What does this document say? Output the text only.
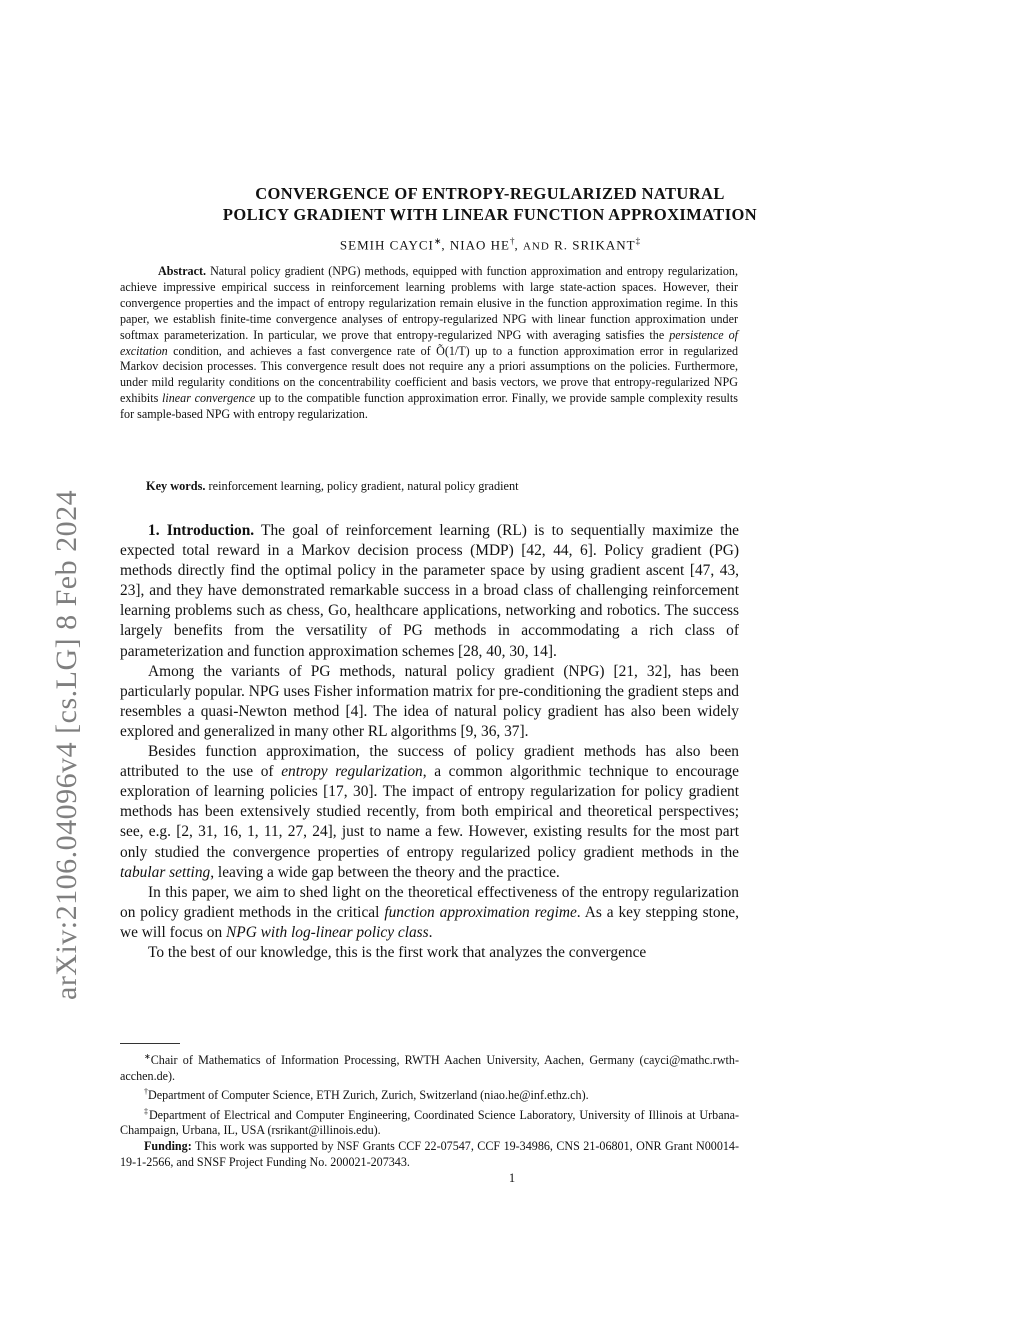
arXiv:2106.04096v4 [cs.LG] 8 Feb 2024
CONVERGENCE OF ENTROPY-REGULARIZED NATURAL
POLICY GRADIENT WITH LINEAR FUNCTION APPROXIMATION
SEMIH CAYCI∗, NIAO HE†, AND R. SRIKANT‡
Abstract. Natural policy gradient (NPG) methods, equipped with function approximation and entropy regularization, achieve impressive empirical success in reinforcement learning problems with large state-action spaces. However, their convergence properties and the impact of entropy regularization remain elusive in the function approximation regime. In this paper, we establish finite-time convergence analyses of entropy-regularized NPG with linear function approximation under softmax parameterization. In particular, we prove that entropy-regularized NPG with averaging satisfies the persistence of excitation condition, and achieves a fast convergence rate of Õ(1/T) up to a function approximation error in regularized Markov decision processes. This convergence result does not require any a priori assumptions on the policies. Furthermore, under mild regularity conditions on the concentrability coefficient and basis vectors, we prove that entropy-regularized NPG exhibits linear convergence up to the compatible function approximation error. Finally, we provide sample complexity results for sample-based NPG with entropy regularization.
Key words. reinforcement learning, policy gradient, natural policy gradient

1. Introduction. The goal of reinforcement learning (RL) is to sequentially maximize the expected total reward in a Markov decision process (MDP) [42, 44, 6]. Policy gradient (PG) methods directly find the optimal policy in the parameter space by using gradient ascent [47, 43, 23], and they have demonstrated remarkable success in a broad class of challenging reinforcement learning problems such as chess, Go, healthcare applications, networking and robotics. The success largely benefits from the versatility of PG methods in accommodating a rich class of parameterization and function approximation schemes [28, 40, 30, 14].

Among the variants of PG methods, natural policy gradient (NPG) [21, 32], has been particularly popular. NPG uses Fisher information matrix for pre-conditioning the gradient steps and resembles a quasi-Newton method [4]. The idea of natural policy gradient has also been widely explored and generalized in many other RL algorithms [9, 36, 37].

Besides function approximation, the success of policy gradient methods has also been attributed to the use of entropy regularization, a common algorithmic technique to encourage exploration of learning policies [17, 30]. The impact of entropy regularization for policy gradient methods has been extensively studied recently, from both empirical and theoretical perspectives; see, e.g. [2, 31, 16, 1, 11, 27, 24], just to name a few. However, existing results for the most part only studied the convergence properties of entropy regularized policy gradient methods in the tabular setting, leaving a wide gap between the theory and the practice.

In this paper, we aim to shed light on the theoretical effectiveness of the entropy regularization on policy gradient methods in the critical function approximation regime. As a key stepping stone, we will focus on NPG with log-linear policy class.

To the best of our knowledge, this is the first work that analyzes the convergence

∗Chair of Mathematics of Information Processing, RWTH Aachen University, Aachen, Germany (cayci@mathc.rwth-acchen.de).

†Department of Computer Science, ETH Zurich, Zurich, Switzerland (niao.he@inf.ethz.ch).

‡Department of Electrical and Computer Engineering, Coordinated Science Laboratory, University of Illinois at Urbana-Champaign, Urbana, IL, USA (rsrikant@illinois.edu).

Funding: This work was supported by NSF Grants CCF 22-07547, CCF 19-34986, CNS 21-06801, ONR Grant N00014-19-1-2566, and SNSF Project Funding No. 200021-207343.

1
